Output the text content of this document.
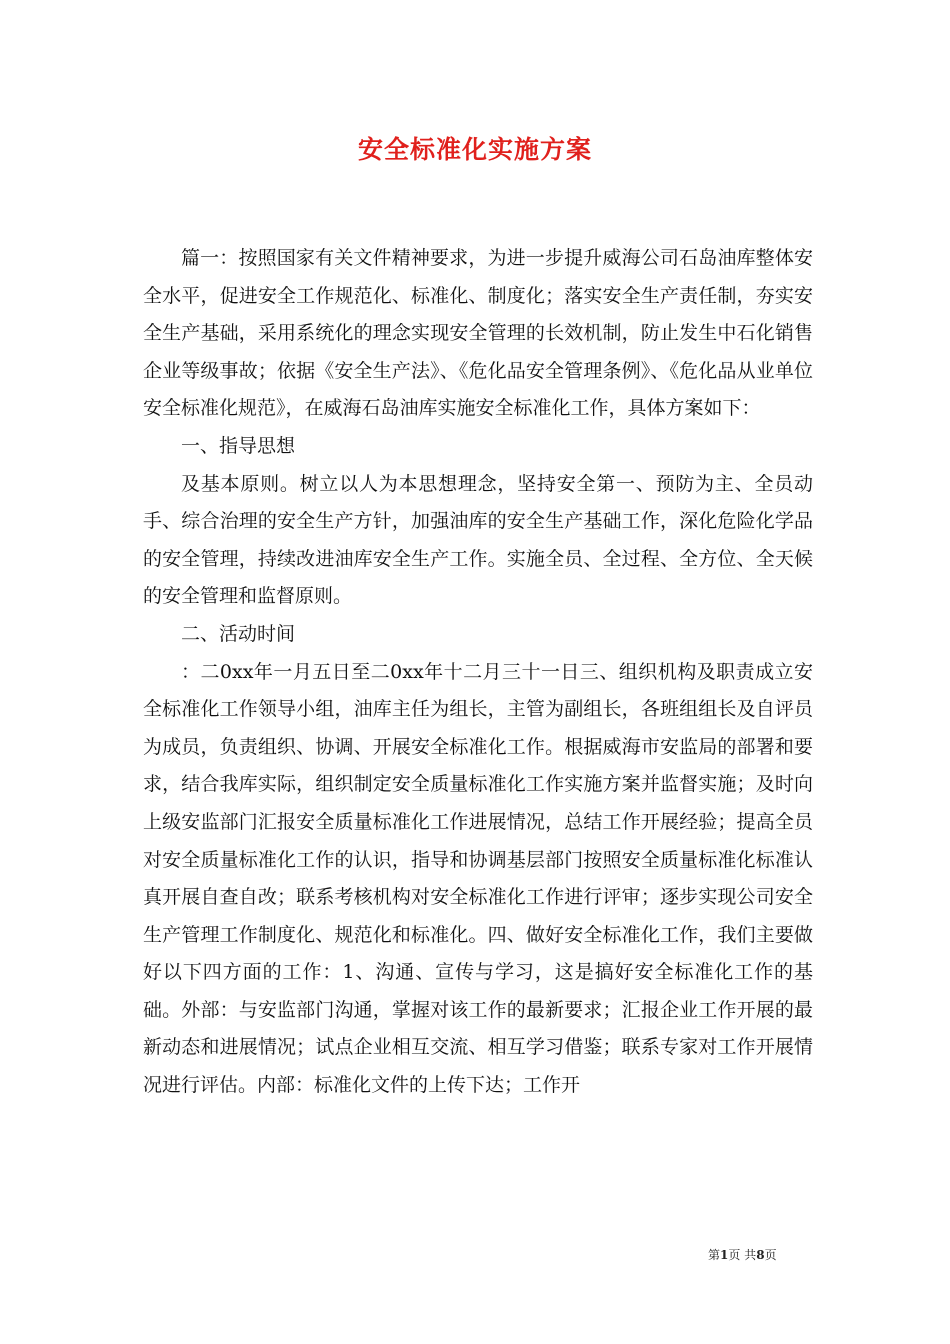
安全标准化实施方案

篇一：按照国家有关文件精神要求，为进一步提升威海公司石岛油库整体安全水平，促进安全工作规范化、标准化、制度化；落实安全生产责任制，夯实安全生产基础，采用系统化的理念实现安全管理的长效机制，防止发生中石化销售企业等级事故；依据《安全生产法》、《危化品安全管理条例》、《危化品从业单位安全标准化规范》，在威海石岛油库实施安全标准化工作，具体方案如下：

一、指导思想

及基本原则。树立以人为本思想理念，坚持安全第一、预防为主、全员动手、综合治理的安全生产方针，加强油库的安全生产基础工作，深化危险化学品的安全管理，持续改进油库安全生产工作。实施全员、全过程、全方位、全天候的安全管理和监督原则。

二、活动时间

：二0xx年一月五日至二0xx年十二月三十一日三、组织机构及职责成立安全标准化工作领导小组，油库主任为组长，主管为副组长，各班组组长及自评员为成员，负责组织、协调、开展安全标准化工作。根据威海市安监局的部署和要求，结合我库实际，组织制定安全质量标准化工作实施方案并监督实施；及时向上级安监部门汇报安全质量标准化工作进展情况，总结工作开展经验；提高全员对安全质量标准化工作的认识，指导和协调基层部门按照安全质量标准化标准认真开展自查自改；联系考核机构对安全标准化工作进行评审；逐步实现公司安全生产管理工作制度化、规范化和标准化。四、做好安全标准化工作，我们主要做好以下四方面的工作：1、沟通、宣传与学习，这是搞好安全标准化工作的基础。外部：与安监部门沟通，掌握对该工作的最新要求；汇报企业工作开展的最新动态和进展情况；试点企业相互交流、相互学习借鉴；联系专家对工作开展情况进行评估。内部：标准化文件的上传下达；工作开

第1页 共8页
